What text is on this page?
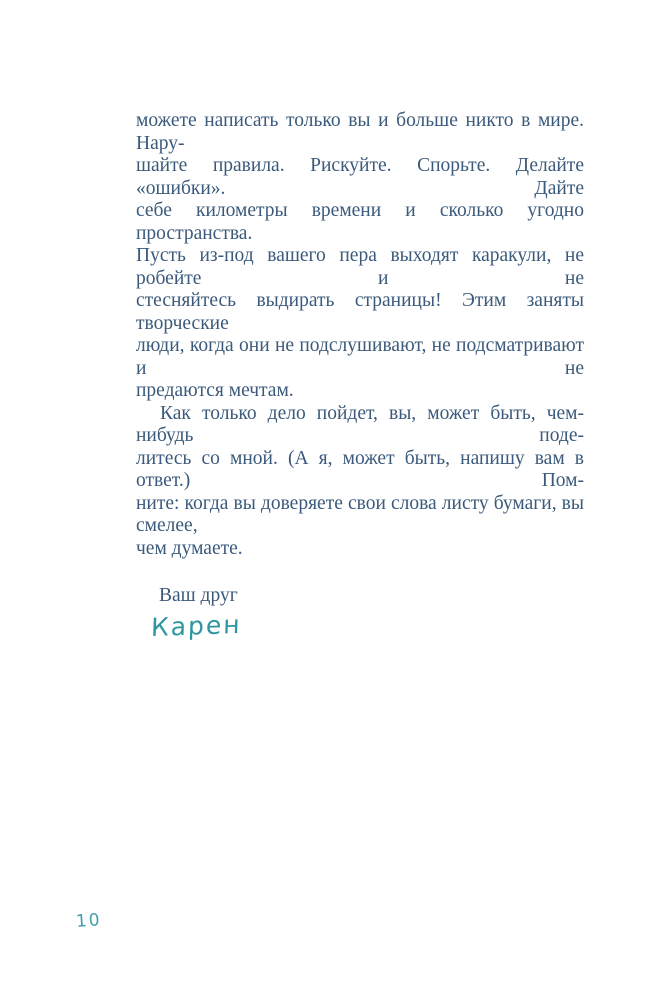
можете написать только вы и больше никто в мире. Нару-
шайте правила. Рискуйте. Спорьте. Делайте «ошибки». Дайте
себе километры времени и сколько угодно пространства.
Пусть из-под вашего пера выходят каракули, не робейте и не
стесняйтесь выдирать страницы! Этим заняты творческие
люди, когда они не подслушивают, не подсматривают и не
предаются мечтам.
Как только дело пойдет, вы, может быть, чем-нибудь поде-
литесь со мной. (А я, может быть, напишу вам в ответ.) Пом-
ните: когда вы доверяете свои слова листу бумаги, вы смелее,
чем думаете.
Ваш друг
Карен
10
